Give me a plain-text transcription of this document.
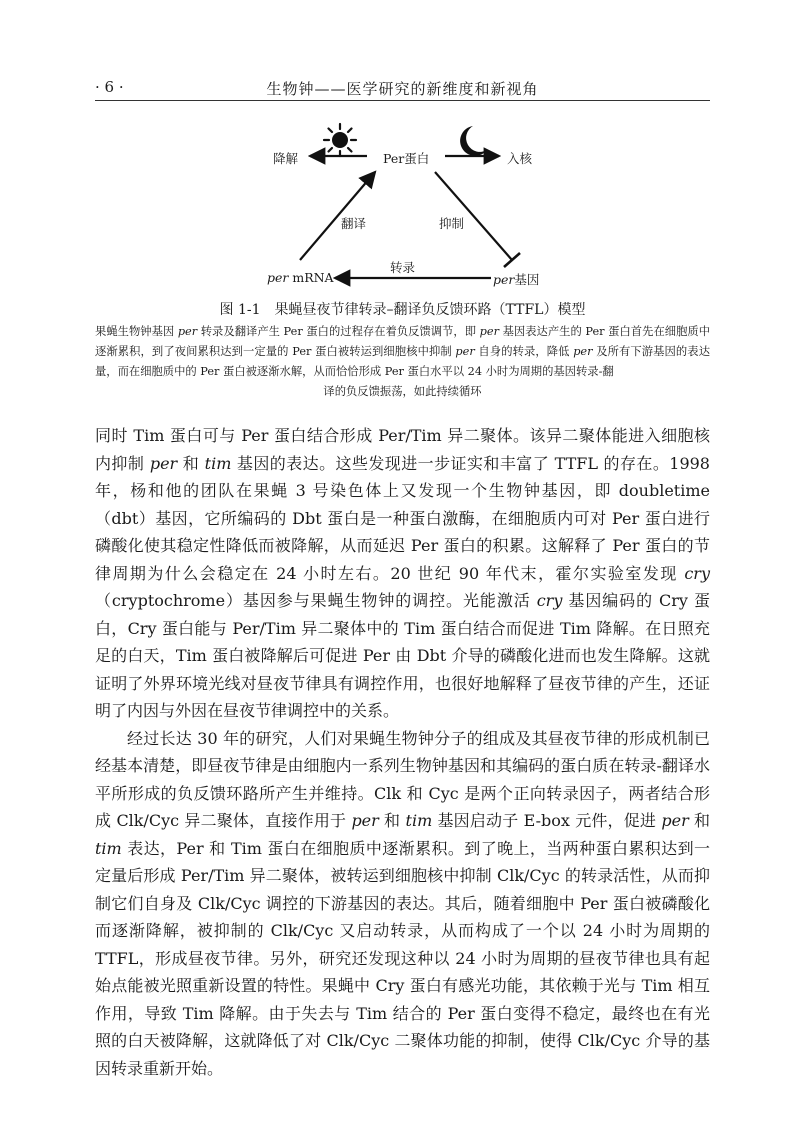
· 6 ·	生物钟——医学研究的新维度和新视角
降解	Per蛋白	入核
翻译	抑制
转录
per mRNA	per基因
图 1-1　果蝇昼夜节律转录–翻译负反馈环路（TTFL）模型
果蝇生物钟基因 per 转录及翻译产生 Per 蛋白的过程存在着负反馈调节，即 per 基因表达产生的 Per 蛋白首先在细胞质中逐渐累积，到了夜间累积达到一定量的 Per 蛋白被转运到细胞核中抑制 per 自身的转录，降低 per 及所有下游基因的表达量，而在细胞质中的 Per 蛋白被逐渐水解，从而恰恰形成 Per 蛋白水平以 24 小时为周期的基因转录-翻
译的负反馈振荡，如此持续循环

同时 Tim 蛋白可与 Per 蛋白结合形成 Per/Tim 异二聚体。该异二聚体能进入细胞核内抑制 per 和 tim 基因的表达。这些发现进一步证实和丰富了 TTFL 的存在。1998 年，杨和他的团队在果蝇 3 号染色体上又发现一个生物钟基因，即 doubletime（dbt）基因，它所编码的 Dbt 蛋白是一种蛋白激酶，在细胞质内可对 Per 蛋白进行磷酸化使其稳定性降低而被降解，从而延迟 Per 蛋白的积累。这解释了 Per 蛋白的节律周期为什么会稳定在 24 小时左右。20 世纪 90 年代末，霍尔实验室发现 cry（cryptochrome）基因参与果蝇生物钟的调控。光能激活 cry 基因编码的 Cry 蛋白，Cry 蛋白能与 Per/Tim 异二聚体中的 Tim 蛋白结合而促进 Tim 降解。在日照充足的白天，Tim 蛋白被降解后可促进 Per 由 Dbt 介导的磷酸化进而也发生降解。这就证明了外界环境光线对昼夜节律具有调控作用，也很好地解释了昼夜节律的产生，还证明了内因与外因在昼夜节律调控中的关系。

经过长达 30 年的研究，人们对果蝇生物钟分子的组成及其昼夜节律的形成机制已经基本清楚，即昼夜节律是由细胞内一系列生物钟基因和其编码的蛋白质在转录-翻译水平所形成的负反馈环路所产生并维持。Clk 和 Cyc 是两个正向转录因子，两者结合形成 Clk/Cyc 异二聚体，直接作用于 per 和 tim 基因启动子 E-box 元件，促进 per 和 tim 表达，Per 和 Tim 蛋白在细胞质中逐渐累积。到了晚上，当两种蛋白累积达到一定量后形成 Per/Tim 异二聚体，被转运到细胞核中抑制 Clk/Cyc 的转录活性，从而抑制它们自身及 Clk/Cyc 调控的下游基因的表达。其后，随着细胞中 Per 蛋白被磷酸化而逐渐降解，被抑制的 Clk/Cyc 又启动转录，从而构成了一个以 24 小时为周期的 TTFL，形成昼夜节律。另外，研究还发现这种以 24 小时为周期的昼夜节律也具有起始点能被光照重新设置的特性。果蝇中 Cry 蛋白有感光功能，其依赖于光与 Tim 相互作用，导致 Tim 降解。由于失去与 Tim 结合的 Per 蛋白变得不稳定，最终也在有光照的白天被降解，这就降低了对 Clk/Cyc 二聚体功能的抑制，使得 Clk/Cyc 介导的基因转录重新开始。
